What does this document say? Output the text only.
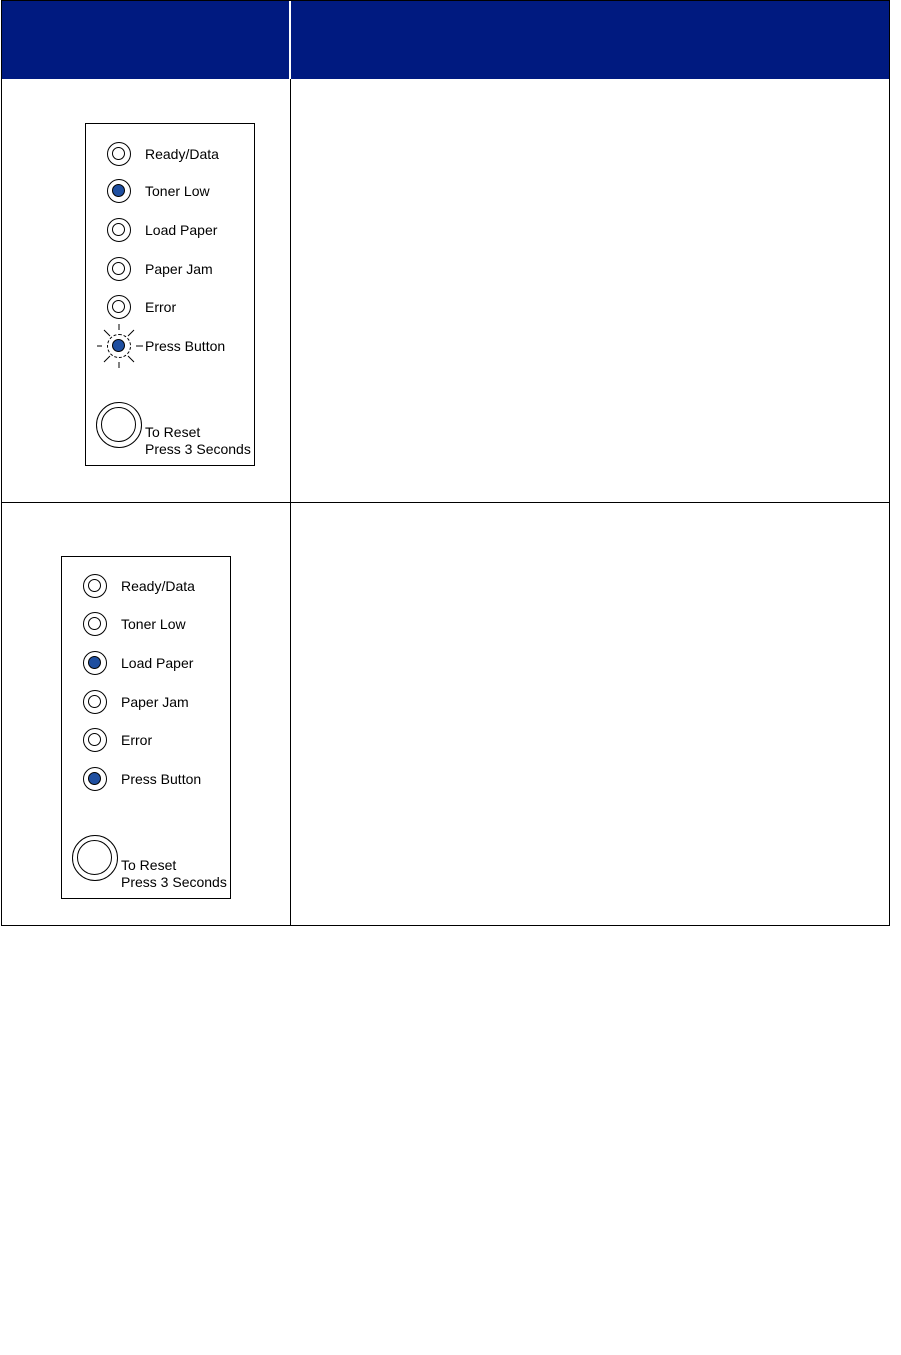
Ready/Data
Toner Low
Load Paper
Paper Jam
Error
Press Button
To Reset
Press 3 Seconds
Ready/Data
Toner Low
Load Paper
Paper Jam
Error
Press Button
To Reset
Press 3 Seconds
